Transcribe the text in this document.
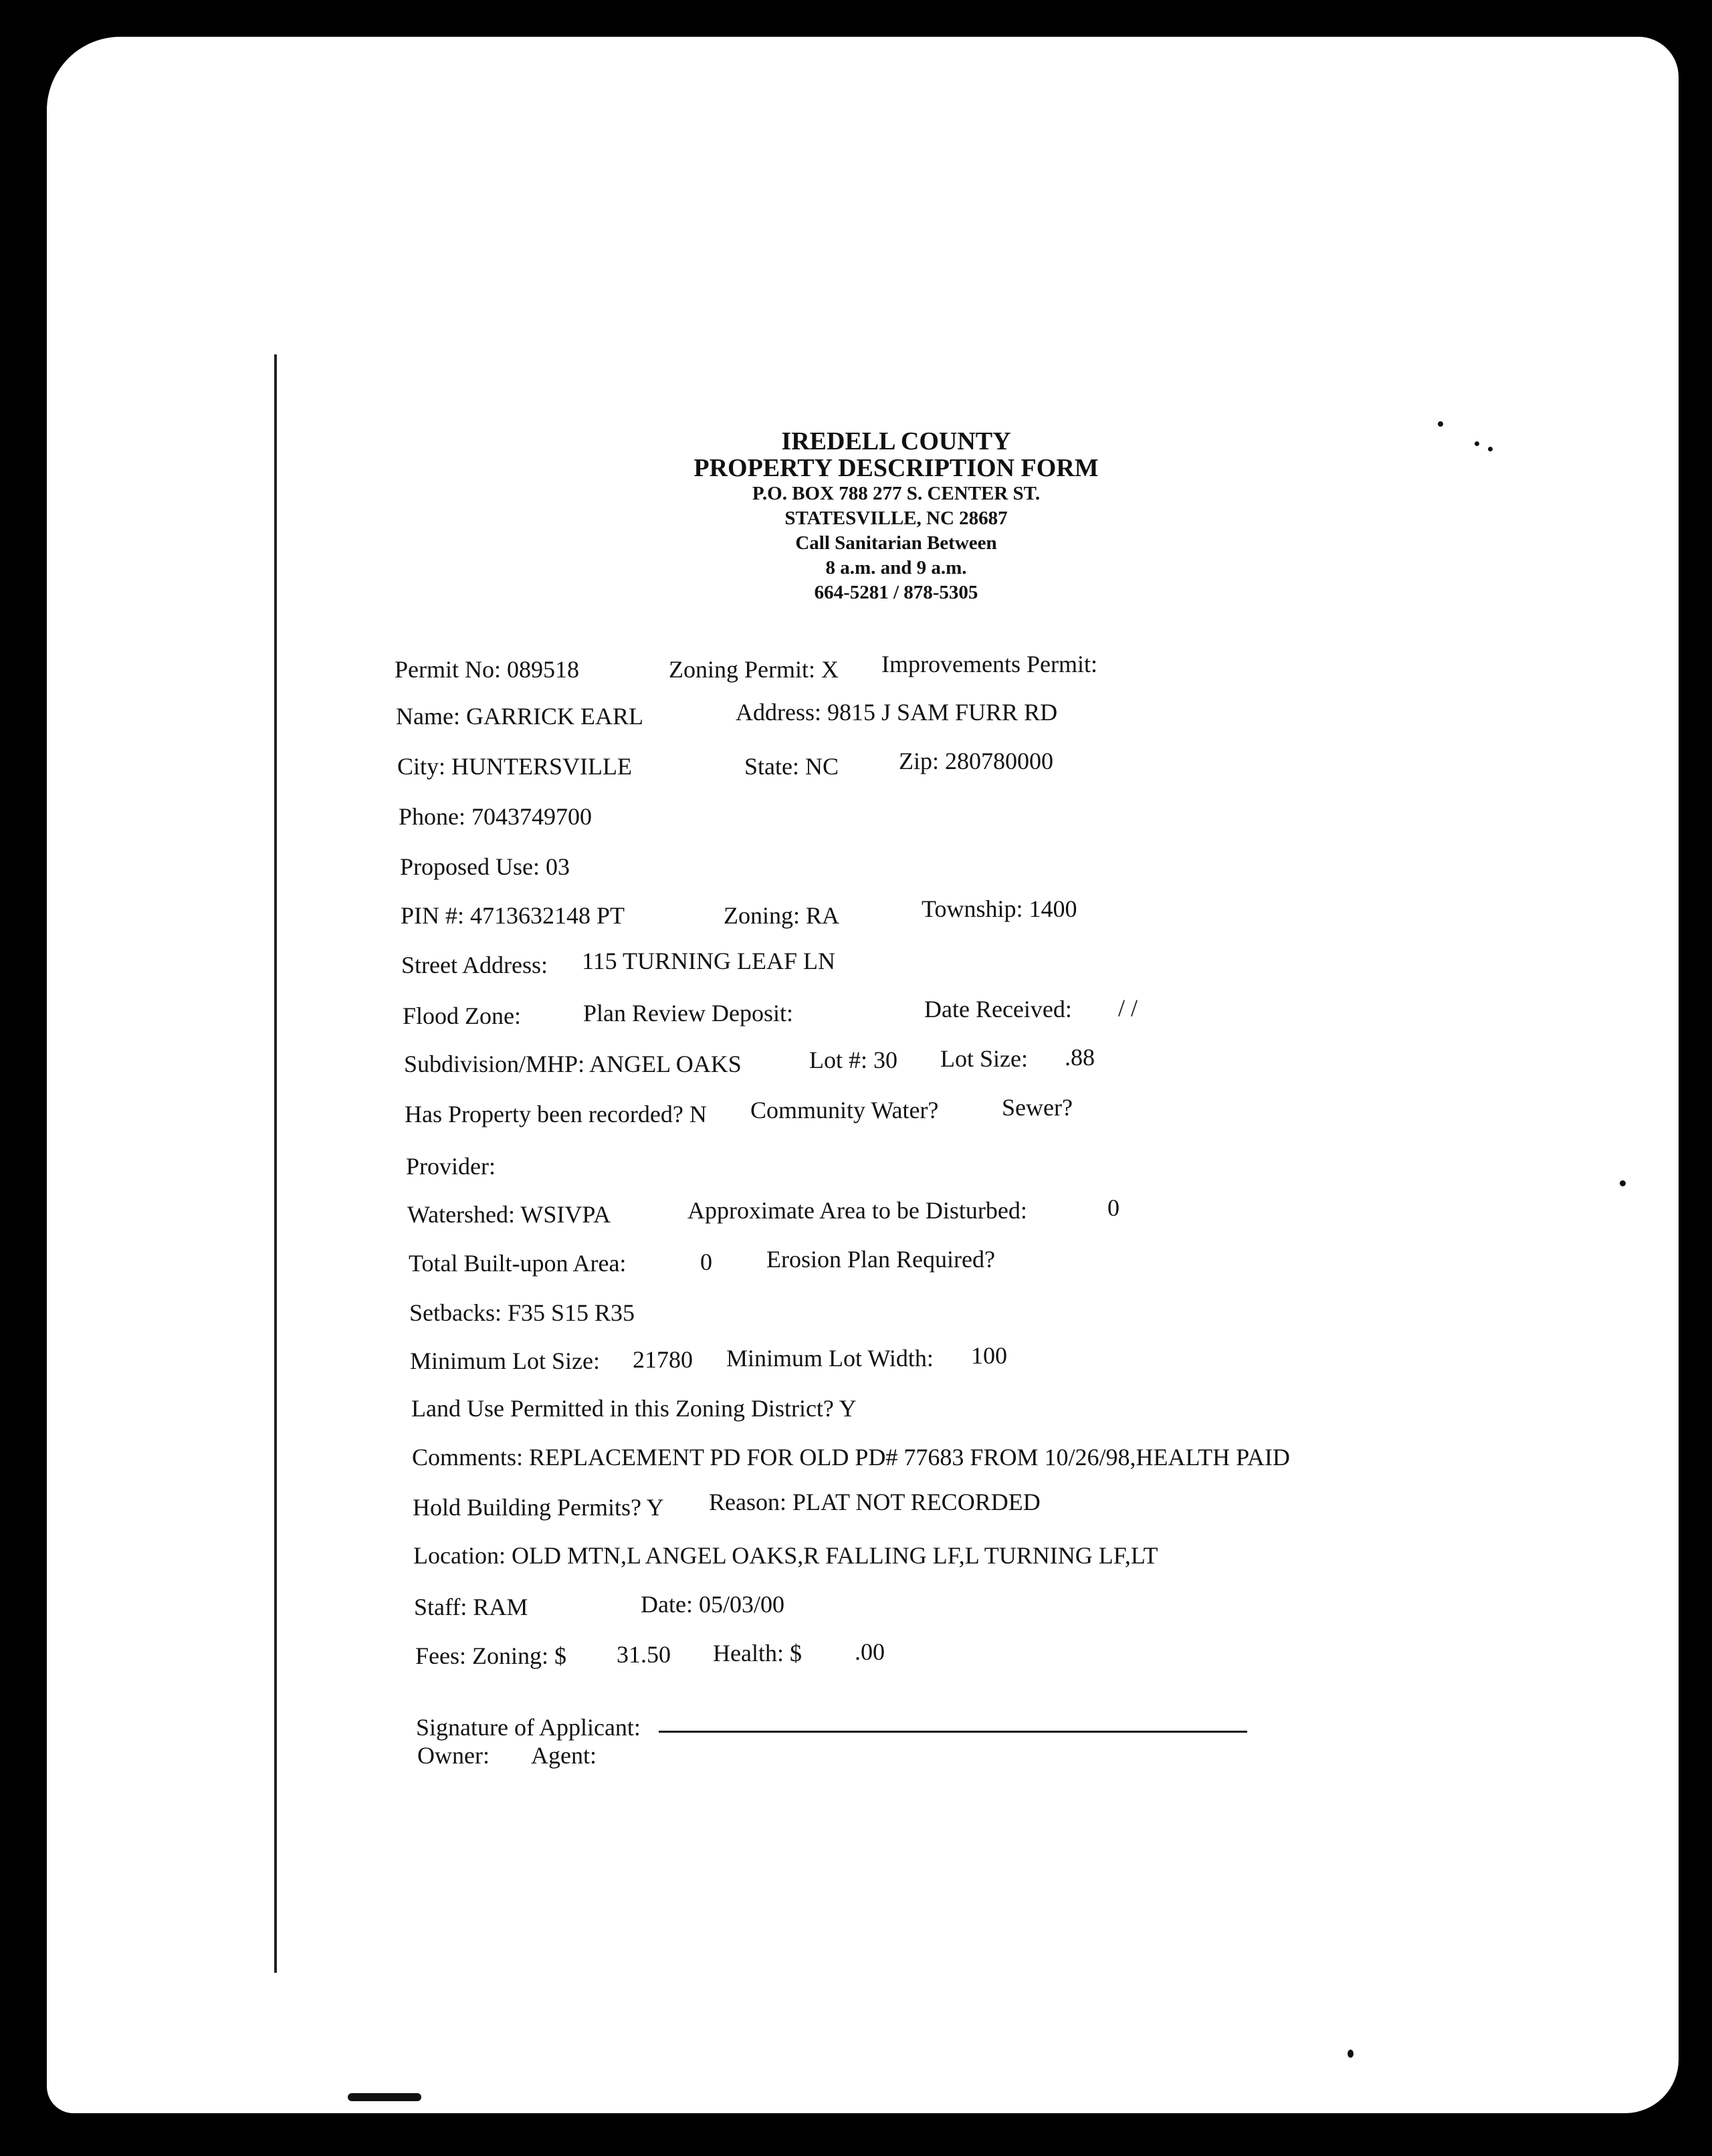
IREDELL COUNTY
PROPERTY DESCRIPTION FORM
P.O. BOX 788 277 S. CENTER ST.
STATESVILLE, NC 28687
Call Sanitarian Between
8 a.m. and 9 a.m.
664-5281 / 878-5305
Permit No: 089518	Zoning Permit: X Improvements Permit:
Name: GARRICK EARL	Address: 9815 J SAM FURR RD
City: HUNTERSVILLE	State: NC	Zip: 280780000
Phone: 7043749700
Proposed Use: 03
PIN #: 4713632148 PT	Zoning: RA	Township: 1400
Street Address: 115 TURNING LEAF LN
Flood Zone:	Plan Review Deposit:	Date Received: / /
Subdivision/MHP: ANGEL OAKS	Lot #: 30 Lot Size: .88
Has Property been recorded? N Community Water?	Sewer?
Provider:
Watershed: WSIVPA	Approximate Area to be Disturbed:	0
Total Built-upon Area:	0 Erosion Plan Required?
Setbacks: F35 S15 R35
Minimum Lot Size: 21780 Minimum Lot Width: 100
Land Use Permitted in this Zoning District? Y
Comments: REPLACEMENT PD FOR OLD PD# 77683 FROM 10/26/98,HEALTH PAID
Hold Building Permits? Y Reason: PLAT NOT RECORDED
Location: OLD MTN,L ANGEL OAKS,R FALLING LF,L TURNING LF,LT
Staff: RAM	Date: 05/03/00
Fees: Zoning: $ 31.50 Health: $ .00
Signature of Applicant:
Owner: Agent:
